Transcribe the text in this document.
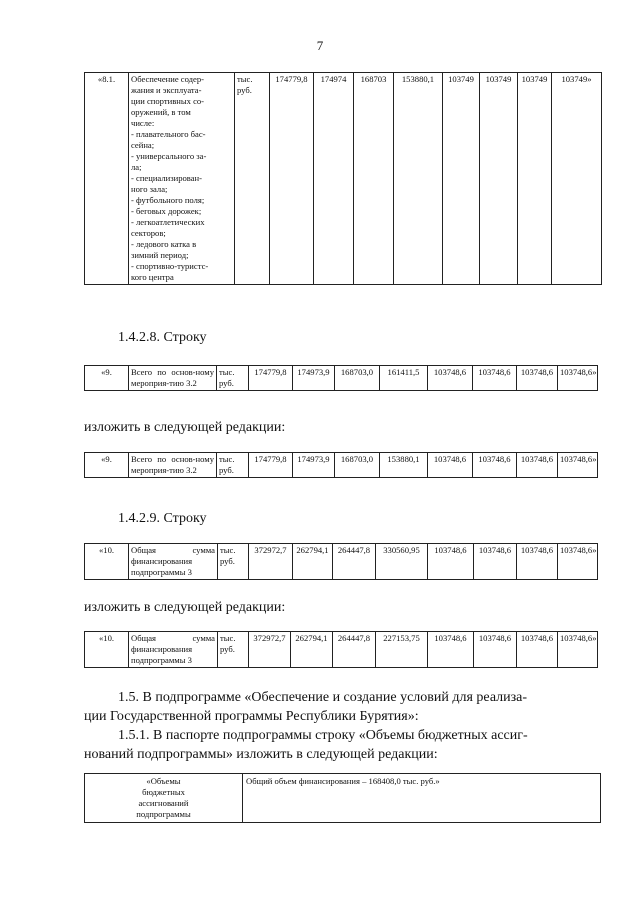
7
«8.1.	Обеспечение содер-
жания и эксплуата-
ции спортивных со-
оружений, в том
числе:
- плавательного бас-
сейна;
- универсального за-
ла;
- специализирован-
ного зала;
- футбольного поля;
- беговых дорожек;
- легкоатлетических
секторов;
- ледового катка в
зимний период;
- спортивно-туристс-
кого центра
	тыс. руб.	174779,8	174974	168703	153880,1	103749	103749	103749	103749»
1.4.2.8. Строку
«9.	Всего по основ-ному мероприя-тию 3.2	тыс. руб.	174779,8	174973,9	168703,0	161411,5	103748,6	103748,6	103748,6	103748,6»
изложить в следующей редакции:
«9.	Всего по основ-ному мероприя-тию 3.2	тыс. руб.	174779,8	174973,9	168703,0	153880,1	103748,6	103748,6	103748,6	103748,6»
1.4.2.9. Строку
«10.	Общая сумма финансирования подпрограммы 3	тыс. руб.	372972,7	262794,1	264447,8	330560,95	103748,6	103748,6	103748,6	103748,6»
изложить в следующей редакции:
«10.	Общая сумма финансирования подпрограммы 3	тыс. руб.	372972,7	262794,1	264447,8	227153,75	103748,6	103748,6	103748,6	103748,6»
1.5. В подпрограмме «Обеспечение и создание условий для реализа-
ции Государственной программы Республики Бурятия»:
1.5.1. В паспорте подпрограммы строку «Объемы бюджетных ассиг-
нований подпрограммы» изложить в следующей редакции:
«Объемы
бюджетных
ассигнований
подпрограммы
	Общий объем финансирования – 168408,0 тыс. руб.»
